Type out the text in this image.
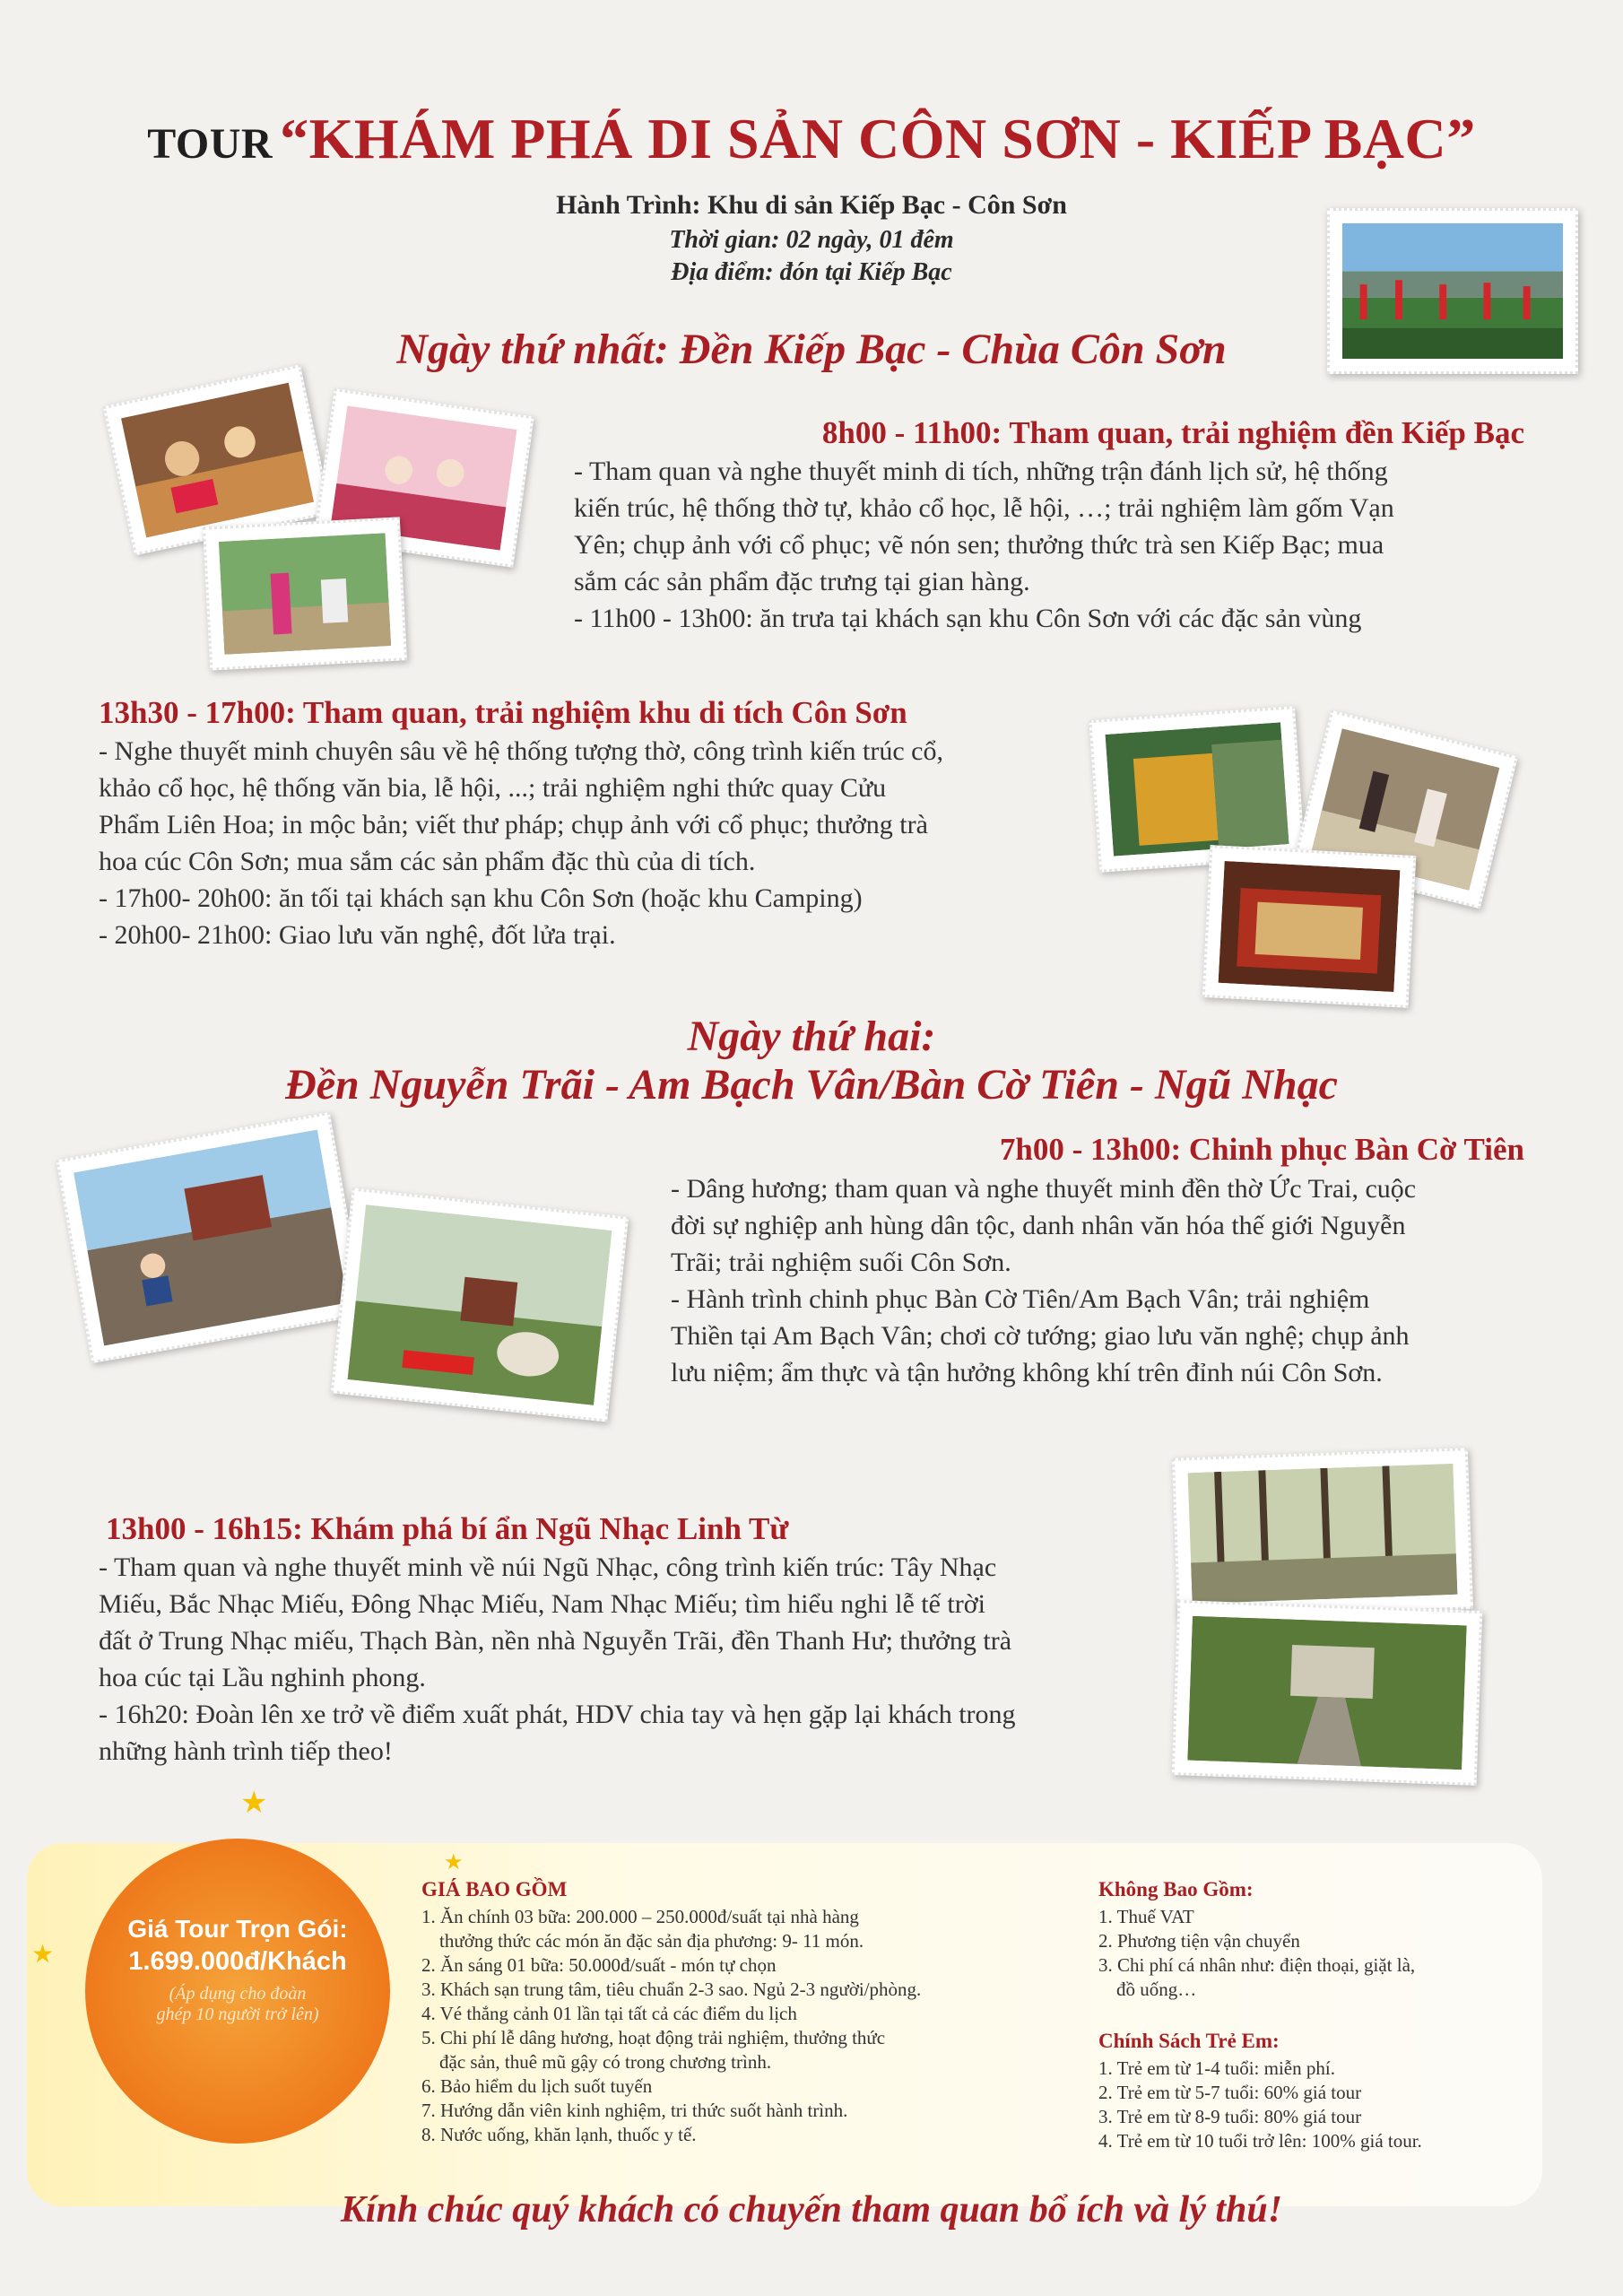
TOUR “KHÁM PHÁ DI SẢN CÔN SƠN - KIẾP BẠC”
Hành Trình: Khu di sản Kiếp Bạc - Côn Sơn
Thời gian: 02 ngày, 01 đêm
Địa điểm: đón tại Kiếp Bạc
Ngày thứ nhất: Đền Kiếp Bạc - Chùa Côn Sơn
8h00 - 11h00: Tham quan, trải nghiệm đền Kiếp Bạc

- Tham quan và nghe thuyết minh di tích, những trận đánh lịch sử, hệ thống

kiến trúc, hệ thống thờ tự, khảo cổ học, lễ hội, …; trải nghiệm làm gốm Vạn

Yên; chụp ảnh với cổ phục; vẽ nón sen; thưởng thức trà sen Kiếp Bạc; mua

sắm các sản phẩm đặc trưng tại gian hàng.

- 11h00 - 13h00: ăn trưa tại khách sạn khu Côn Sơn với các đặc sản vùng

13h30 - 17h00: Tham quan, trải nghiệm khu di tích Côn Sơn

- Nghe thuyết minh chuyên sâu về hệ thống tượng thờ, công trình kiến trúc cổ,

khảo cổ học, hệ thống văn bia, lễ hội, ...; trải nghiệm nghi thức quay Cửu

Phẩm Liên Hoa; in mộc bản; viết thư pháp; chụp ảnh với cổ phục; thưởng trà

hoa cúc Côn Sơn; mua sắm các sản phẩm đặc thù của di tích.

- 17h00- 20h00: ăn tối tại khách sạn khu Côn Sơn (hoặc khu Camping)

- 20h00- 21h00: Giao lưu văn nghệ, đốt lửa trại.

Ngày thứ hai:
Đền Nguyễn Trãi - Am Bạch Vân/Bàn Cờ Tiên - Ngũ Nhạc
7h00 - 13h00: Chinh phục Bàn Cờ Tiên

- Dâng hương; tham quan và nghe thuyết minh đền thờ Ức Trai, cuộc

đời sự nghiệp anh hùng dân tộc, danh nhân văn hóa thế giới Nguyễn

Trãi; trải nghiệm suối Côn Sơn.

- Hành trình chinh phục Bàn Cờ Tiên/Am Bạch Vân; trải nghiệm

Thiền tại Am Bạch Vân; chơi cờ tướng; giao lưu văn nghệ; chụp ảnh

lưu niệm; ẩm thực và tận hưởng không khí trên đỉnh núi Côn Sơn.

13h00 - 16h15: Khám phá bí ẩn Ngũ Nhạc Linh Từ

- Tham quan và nghe thuyết minh về núi Ngũ Nhạc, công trình kiến trúc: Tây Nhạc

Miếu, Bắc Nhạc Miếu, Đông Nhạc Miếu, Nam Nhạc Miếu; tìm hiểu nghi lễ tế trời

đất ở Trung Nhạc miếu, Thạch Bàn, nền nhà Nguyễn Trãi, đền Thanh Hư; thưởng trà

hoa cúc tại Lầu nghinh phong.

- 16h20: Đoàn lên xe trở về điểm xuất phát, HDV chia tay và hẹn gặp lại khách trong

những hành trình tiếp theo!

★
★
★
Giá Tour Trọn Gói:
1.699.000đ/Khách
(Áp dụng cho đoàn
ghép 10 người trở lên)
GIÁ BAO GỒM
1. Ăn chính 03 bữa: 200.000 – 250.000đ/suất tại nhà hàng
thưởng thức các món ăn đặc sản địa phương: 9- 11 món.
2. Ăn sáng 01 bữa: 50.000đ/suất - món tự chọn
3. Khách sạn trung tâm, tiêu chuẩn 2-3 sao. Ngủ 2-3 người/phòng.
4. Vé thắng cảnh 01 lần tại tất cả các điểm du lịch
5. Chi phí lễ dâng hương, hoạt động trải nghiệm, thưởng thức
đặc sản, thuê mũ gậy có trong chương trình.
6. Bảo hiểm du lịch suốt tuyến
7. Hướng dẫn viên kinh nghiệm, tri thức suốt hành trình.
8. Nước uống, khăn lạnh, thuốc y tế.
Không Bao Gồm:
1. Thuế VAT
2. Phương tiện vận chuyển
3. Chi phí cá nhân như: điện thoại, giặt là,
đồ uống…
Chính Sách Trẻ Em:
1. Trẻ em từ 1-4 tuổi: miễn phí.
2. Trẻ em từ 5-7 tuổi: 60% giá tour
3. Trẻ em từ 8-9 tuổi: 80% giá tour
4. Trẻ em từ 10 tuổi trở lên: 100% giá tour.
Kính chúc quý khách có chuyến tham quan bổ ích và lý thú!
